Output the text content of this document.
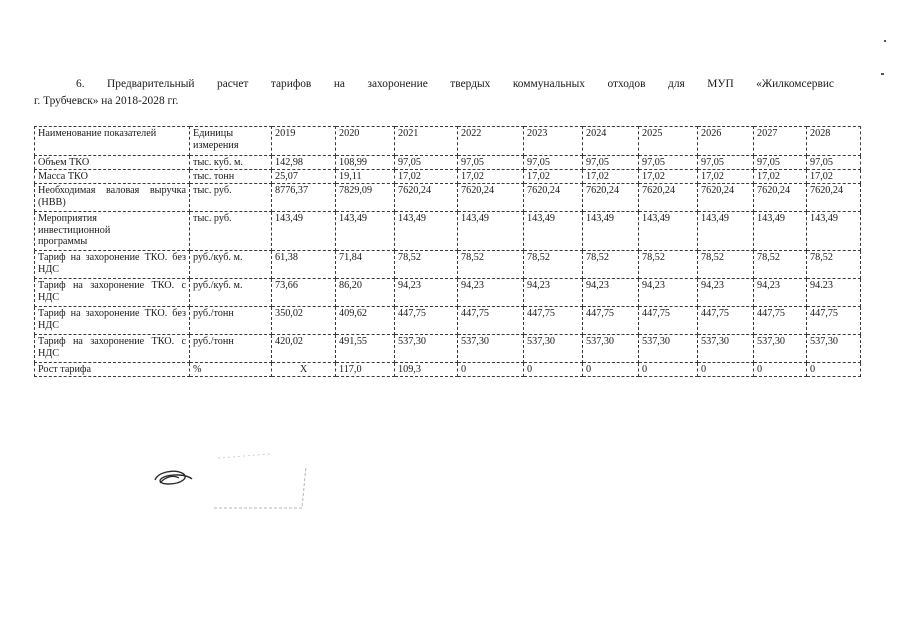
6. Предварительный расчет тарифов на захоронение твердых коммунальных отходов для МУП «Жилкомсервис
г. Трубчевск» на 2018-2028 гг.
Наименование показателей	Единицы измерения	2019	2020	2021	2022	2023	2024	2025	2026	2027	2028
Объем ТКО	тыс. куб. м.	142,98	108,99	97,05	97,05	97,05	97,05	97,05	97,05	97,05	97,05
Масса ТКО	тыс. тонн	25,07	19,11	17,02	17,02	17,02	17,02	17,02	17,02	17,02	17,02
Необходимая валовая выручка (НВВ)	тыс. руб.	8776,37	7829,09	7620,24	7620,24	7620,24	7620,24	7620,24	7620,24	7620,24	7620,24

Мероприятия инвестиционной программы	тыс. руб.	143,49	143,49	143,49	143,49	143,49	143,49	143,49	143,49	143,49	143,49
Тариф на захоронение ТКО. без НДС	руб./куб. м.	61,38	71,84	78,52	78,52	78,52	78,52	78,52	78,52	78,52	78,52
Тариф на захоронение ТКО. с НДС	руб./куб. м.	73,66	86,20	94,23	94,23	94,23	94,23	94,23	94,23	94,23	94.23
Тариф на захоронение ТКО. без НДС	руб./тонн	350,02	409,62	447,75	447,75	447,75	447,75	447,75	447,75	447,75	447,75
Тариф на захоронение ТКО. с НДС	руб./тонн	420,02	491,55	537,30	537,30	537,30	537,30	537,30	537,30	537,30	537,30
Рост тарифа	%	X	117,0	109,3	0	0	0	0	0	0	0
